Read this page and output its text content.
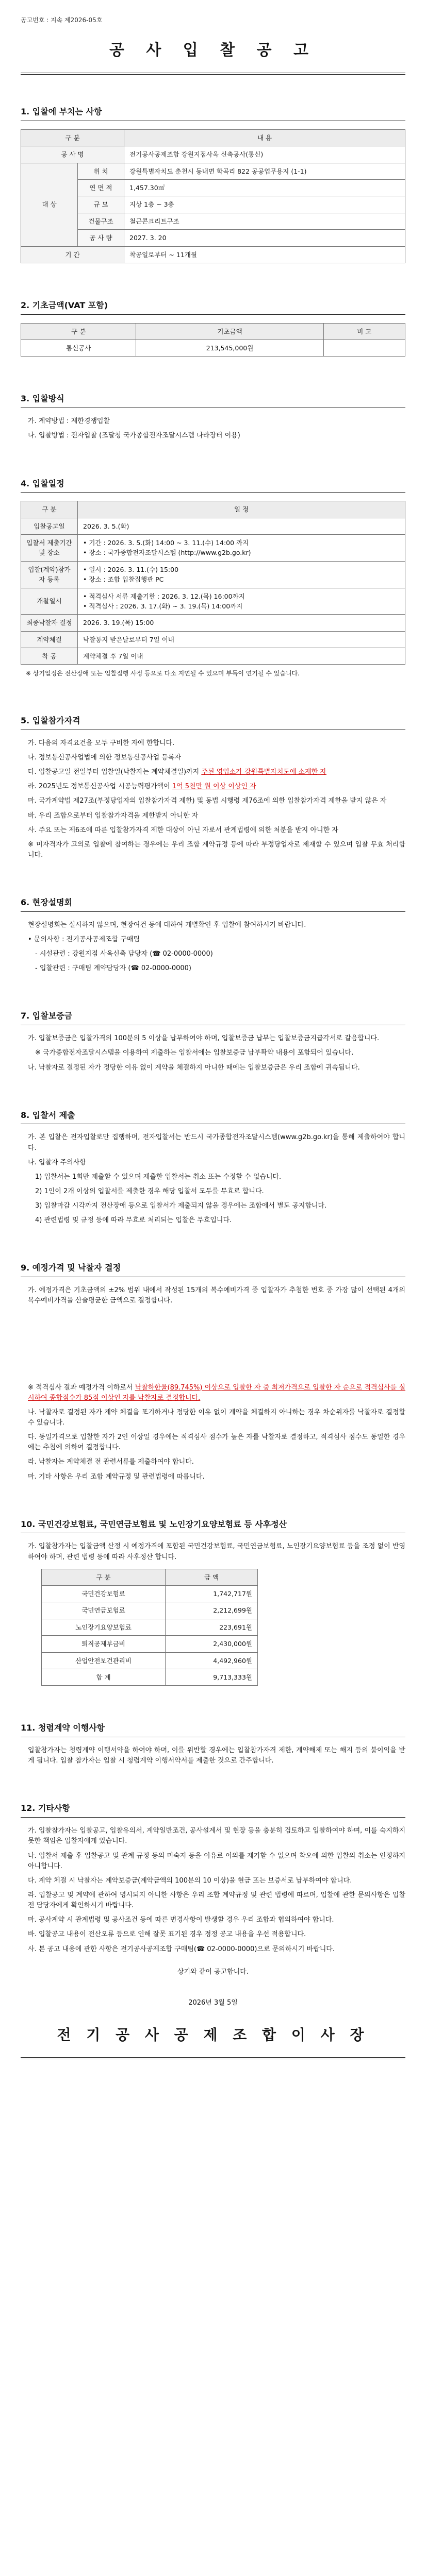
공고번호 : 지속 제2026-05호
공 사 입 찰 공 고
1. 입찰에 부치는 사항
구 분		내 용
공 사 명		전기공사공제조합 강원지점사옥 신축공사(통신)
대 상	위 치	강원특별자치도 춘천시 동내면 학곡리 822 공공업무용지 (1-1)
	연 면 적	1,457.30㎡
	규 모	지상 1층 ~ 3층
	건물구조	철근콘크리트구조
	공 사 량	2027. 3. 20
기 간		착공일로부터 ~ 11개월
2. 기초금액(VAT 포함)
구 분	기초금액	비 고
통신공사	213,545,000원	
3. 입찰방식
가. 계약방법 : 제한경쟁입찰
나. 입찰방법 : 전자입찰 (조달청 국가종합전자조달시스템 나라장터 이용)
4. 입찰일정
구 분	일 정
입찰공고일	2026. 3. 5.(화)
입찰서 제출기간
및 장소	• 기간 : 2026. 3. 5.(화) 14:00 ~ 3. 11.(수) 14:00 까지
• 장소 : 국가종합전자조달시스템 (http://www.g2b.go.kr)
입찰(계약)참가
자 등록	• 일시 : 2026. 3. 11.(수) 15:00
• 장소 : 조합 입찰집행관 PC
개찰일시	• 적격심사 서류 제출기한 : 2026. 3. 12.(목) 16:00까지
• 적격심사 : 2026. 3. 17.(화) ~ 3. 19.(목) 14:00까지
최종낙찰자 결정	2026. 3. 19.(목) 15:00
계약체결	낙찰통지 받은날로부터 7일 이내
착 공	계약체결 후 7일 이내
※ 상기일정은 전산장애 또는 입찰집행 사정 등으로 다소 지연될 수 있으며 부득이 연기될 수 있습니다.
5. 입찰참가자격
가. 다음의 자격요건을 모두 구비한 자에 한합니다.
나. 정보통신공사업법에 의한 정보통신공사업 등록자
다. 입찰공고일 전일부터 입찰일(낙찰자는 계약체결일)까지 주된 영업소가 강원특별자치도에 소재한 자
라. 2025년도 정보통신공사업 시공능력평가액이 1억 5천만 원 이상 이상인 자
마. 국가계약법 제27조(부정당업자의 입찰참가자격 제한) 및 동법 시행령 제76조에 의한 입찰참가자격 제한을 받지 않은 자
바. 우리 조합으로부터 입찰참가자격을 제한받지 아니한 자
사. 주요 또는 제6조에 따른 입찰참가자격 제한 대상이 아닌 자로서 관계법령에 의한 처분을 받지 아니한 자
※ 미자격자가 고의로 입찰에 참여하는 경우에는 우리 조합 계약규정 등에 따라 부정당업자로 제재할 수 있으며 입찰 무효 처리합니다.
6. 현장설명회
현장설명회는 실시하지 않으며, 현장여건 등에 대하여 개별확인 후 입찰에 참여하시기 바랍니다.
• 문의사항 : 전기공사공제조합 구매팀
- 시설관련 : 강원지점 사옥신축 담당자 (☎ 02-0000-0000)
- 입찰관련 : 구매팀 계약담당자 (☎ 02-0000-0000)
7. 입찰보증금
가. 입찰보증금은 입찰가격의 100분의 5 이상을 납부하여야 하며, 입찰보증금 납부는 입찰보증금지급각서로 갈음합니다.
※ 국가종합전자조달시스템을 이용하여 제출하는 입찰서에는 입찰보증금 납부확약 내용이 포함되어 있습니다.
나. 낙찰자로 결정된 자가 정당한 이유 없이 계약을 체결하지 아니한 때에는 입찰보증금은 우리 조합에 귀속됩니다.
8. 입찰서 제출
가. 본 입찰은 전자입찰로만 집행하며, 전자입찰서는 반드시 국가종합전자조달시스템(www.g2b.go.kr)을 통해 제출하여야 합니다.
나. 입찰자 주의사항
1) 입찰서는 1회만 제출할 수 있으며 제출한 입찰서는 취소 또는 수정할 수 없습니다.
2) 1인이 2개 이상의 입찰서를 제출한 경우 해당 입찰서 모두를 무효로 합니다.
3) 입찰마감 시각까지 전산장애 등으로 입찰서가 제출되지 않을 경우에는 조합에서 별도 공지합니다.
4) 관련법령 및 규정 등에 따라 무효로 처리되는 입찰은 무효입니다.
9. 예정가격 및 낙찰자 결정
가. 예정가격은 기초금액의 ±2% 범위 내에서 작성된 15개의 복수예비가격 중 입찰자가 추첨한 번호 중 가장 많이 선택된 4개의 복수예비가격을 산술평균한 금액으로 결정합니다.
※ 적격심사 결과 예정가격 이하로서 낙찰하한율(89.745%) 이상으로 입찰한 자 중 최저가격으로 입찰한 자 순으로 적격심사를 실시하여 종합점수가 85점 이상인 자를 낙찰자로 결정합니다.
나. 낙찰자로 결정된 자가 계약 체결을 포기하거나 정당한 이유 없이 계약을 체결하지 아니하는 경우 차순위자를 낙찰자로 결정할 수 있습니다.
다. 동일가격으로 입찰한 자가 2인 이상일 경우에는 적격심사 점수가 높은 자를 낙찰자로 결정하고, 적격심사 점수도 동일한 경우에는 추첨에 의하여 결정합니다.
라. 낙찰자는 계약체결 전 관련서류를 제출하여야 합니다.
마. 기타 사항은 우리 조합 계약규정 및 관련법령에 따릅니다.
10. 국민건강보험료, 국민연금보험료 및 노인장기요양보험료 등 사후정산
가. 입찰참가자는 입찰금액 산정 시 예정가격에 포함된 국민건강보험료, 국민연금보험료, 노인장기요양보험료 등을 조정 없이 반영하여야 하며, 관련 법령 등에 따라 사후정산 합니다.
구 분	금 액
국민건강보험료	1,742,717원
국민연금보험료	2,212,699원
노인장기요양보험료	223,691원
퇴직공제부금비	2,430,000원
산업안전보건관리비	4,492,960원
합 계	9,713,333원
11. 청렴계약 이행사항
입찰참가자는 청렴계약 이행서약을 하여야 하며, 이를 위반할 경우에는 입찰참가자격 제한, 계약해제 또는 해지 등의 불이익을 받게 됩니다. 입찰 참가자는 입찰 시 청렴계약 이행서약서를 제출한 것으로 간주합니다.
12. 기타사항
가. 입찰참가자는 입찰공고, 입찰유의서, 계약일반조건, 공사설계서 및 현장 등을 충분히 검토하고 입찰하여야 하며, 이를 숙지하지 못한 책임은 입찰자에게 있습니다.
나. 입찰서 제출 후 입찰공고 및 관계 규정 등의 미숙지 등을 이유로 이의를 제기할 수 없으며 착오에 의한 입찰의 취소는 인정하지 아니합니다.
다. 계약 체결 시 낙찰자는 계약보증금(계약금액의 100분의 10 이상)을 현금 또는 보증서로 납부하여야 합니다.
라. 입찰공고 및 계약에 관하여 명시되지 아니한 사항은 우리 조합 계약규정 및 관련 법령에 따르며, 입찰에 관한 문의사항은 입찰 전 담당자에게 확인하시기 바랍니다.
마. 공사계약 시 관계법령 및 공사조건 등에 따른 변경사항이 발생할 경우 우리 조합과 협의하여야 합니다.
바. 입찰공고 내용이 전산오류 등으로 인해 잘못 표기된 경우 정정 공고 내용을 우선 적용합니다.
사. 본 공고 내용에 관한 사항은 전기공사공제조합 구매팀(☎ 02-0000-0000)으로 문의하시기 바랍니다.
상기와 같이 공고합니다.
2026년 3월 5일
전 기 공 사 공 제 조 합 이 사 장
